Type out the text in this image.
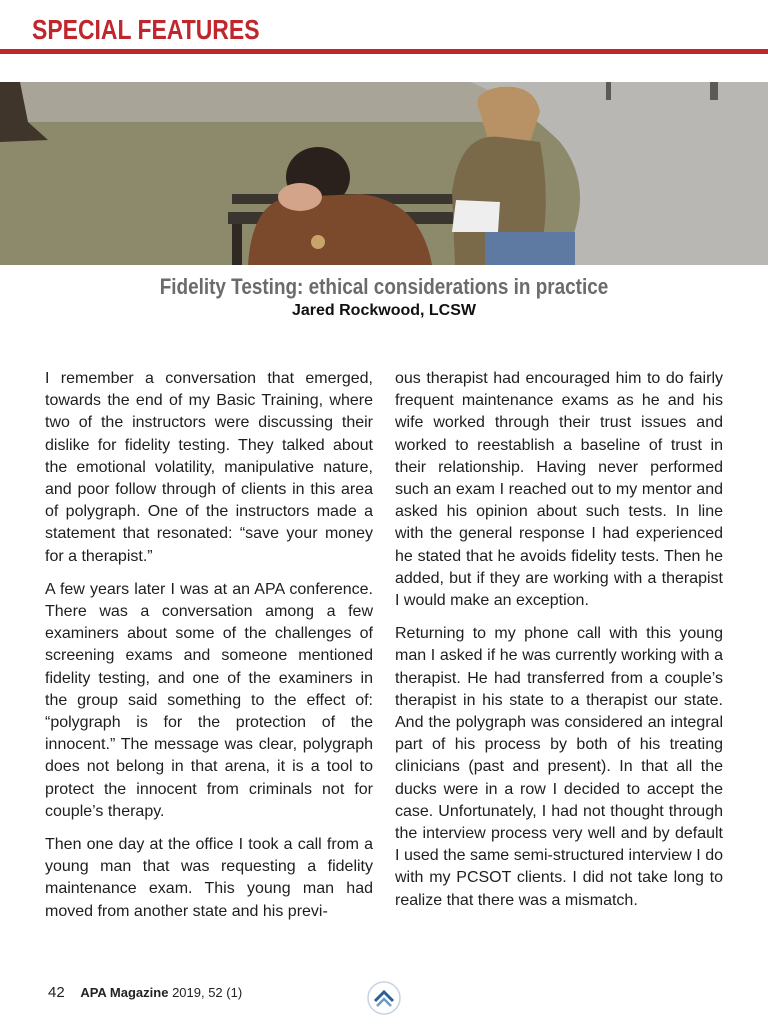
SPECIAL FEATURES
Fidelity Testing: ethical considerations in practice
Jared Rockwood, LCSW

I remember a conversation that emerged, towards the end of my Basic Training, where two of the instructors were discussing their dislike for fidelity testing. They talked about the emotional volatility, manipulative nature, and poor follow through of clients in this area of polygraph. One of the instructors made a statement that resonated: “save your money for a therapist.”

A few years later I was at an APA conference. There was a conversation among a few examiners about some of the challenges of screening exams and someone mentioned fidelity testing, and one of the examiners in the group said something to the effect of: “polygraph is for the protection of the innocent.” The message was clear, polygraph does not belong in that arena, it is a tool to protect the innocent from criminals not for couple’s therapy.

Then one day at the office I took a call from a young man that was requesting a fidelity maintenance exam. This young man had moved from another state and his previ-

ous therapist had encouraged him to do fairly frequent maintenance exams as he and his wife worked through their trust issues and worked to reestablish a baseline of trust in their relationship. Having never performed such an exam I reached out to my mentor and asked his opinion about such tests. In line with the general response I had experienced he stated that he avoids fidelity tests. Then he added, but if they are working with a therapist I would make an exception.

Returning to my phone call with this young man I asked if he was currently working with a therapist. He had transferred from a couple’s therapist in his state to a therapist our state. And the polygraph was considered an integral part of his process by both of his treating clinicians (past and present). In that all the ducks were in a row I decided to accept the case. Unfortunately, I had not thought through the interview process very well and by default I used the same semi-structured interview I do with my PCSOT clients. I did not take long to realize that there was a mismatch.

42 APA Magazine 2019, 52 (1)
